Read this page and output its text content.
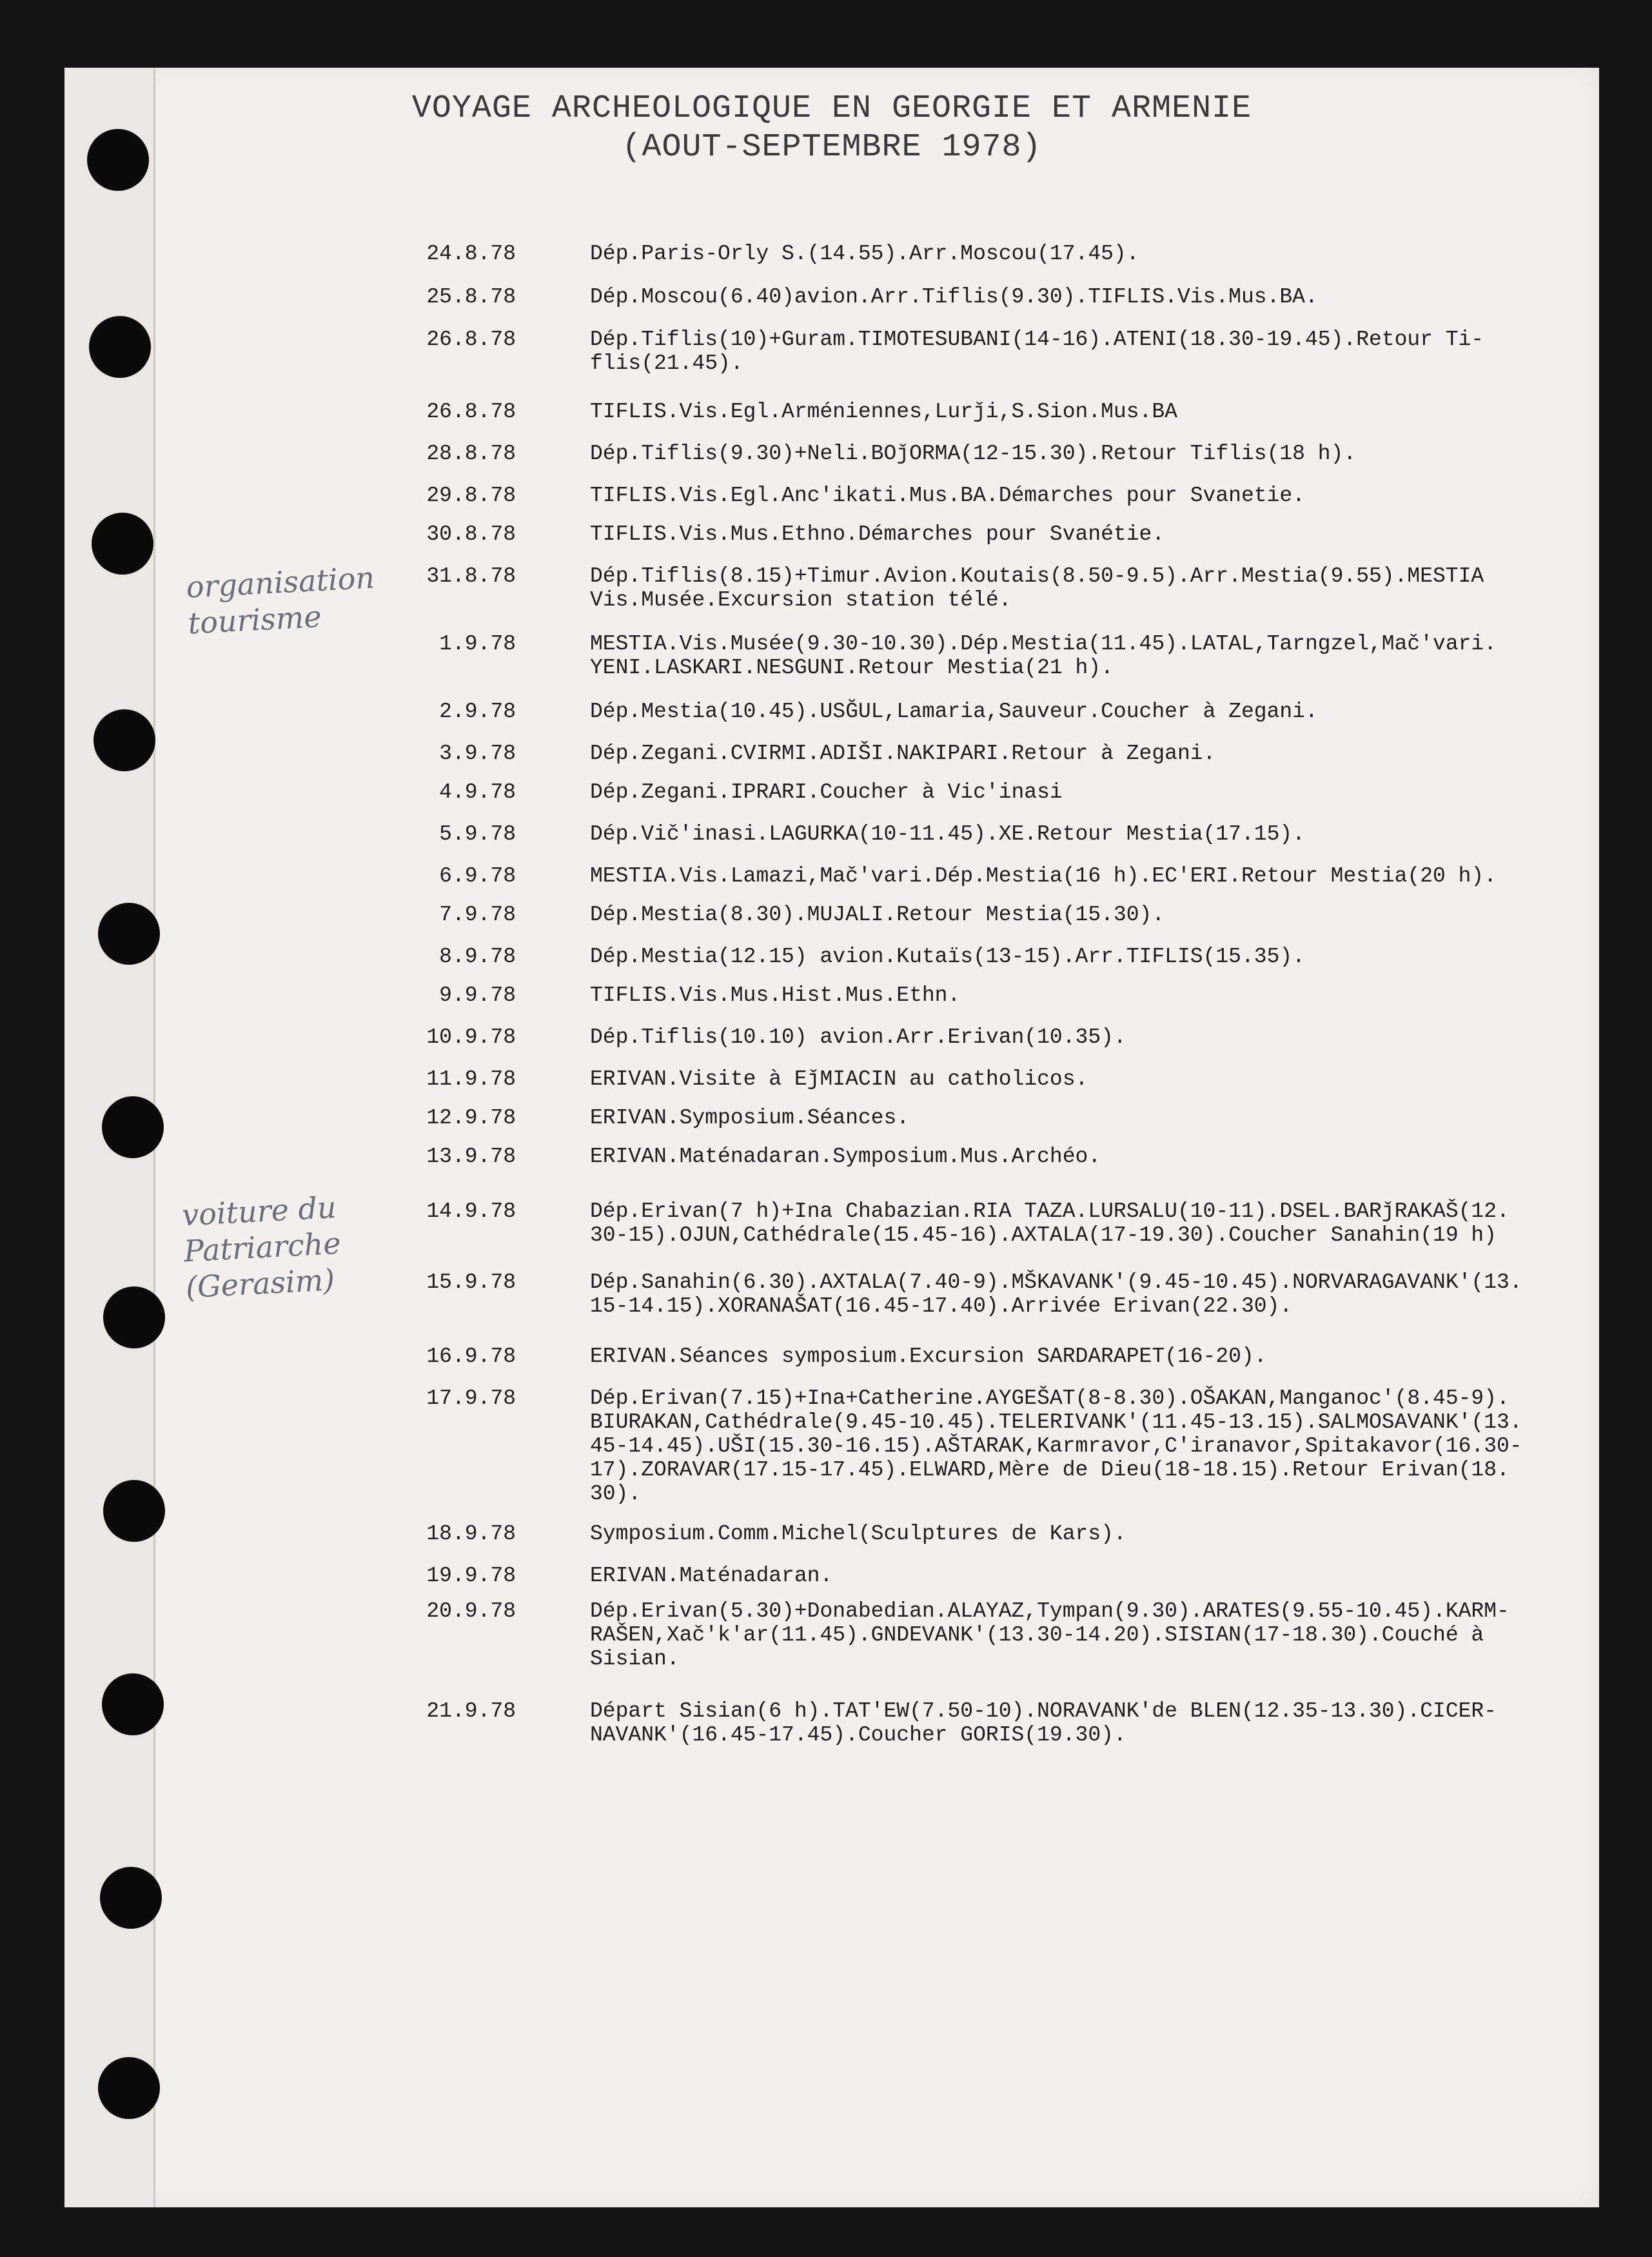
VOYAGE ARCHEOLOGIQUE EN GEORGIE ET ARMENIE
(AOUT-SEPTEMBRE 1978)
24.8.78	Dép.Paris-Orly S.(14.55).Arr.Moscou(17.45).
25.8.78	Dép.Moscou(6.40)avion.Arr.Tiflis(9.30).TIFLIS.Vis.Mus.BA.
26.8.78	Dép.Tiflis(10)+Guram.TIMOTESUBANI(14-16).ATENI(18.30-19.45).Retour Ti-
flis(21.45).
26.8.78	TIFLIS.Vis.Egl.Arméniennes,Lurǰi,S.Sion.Mus.BA
28.8.78	Dép.Tiflis(9.30)+Neli.BOǰORMA(12-15.30).Retour Tiflis(18 h).
29.8.78	TIFLIS.Vis.Egl.Anc'ikati.Mus.BA.Démarches pour Svanetie.
30.8.78	TIFLIS.Vis.Mus.Ethno.Démarches pour Svanétie.
31.8.78	Dép.Tiflis(8.15)+Timur.Avion.Koutais(8.50-9.5).Arr.Mestia(9.55).MESTIA
Vis.Musée.Excursion station télé.
1.9.78	MESTIA.Vis.Musée(9.30-10.30).Dép.Mestia(11.45).LATAL,Tarngzel,Mač'vari.
YENI.LASKARI.NESGUNI.Retour Mestia(21 h).
2.9.78	Dép.Mestia(10.45).USĞUL,Lamaria,Sauveur.Coucher à Zegani.
3.9.78	Dép.Zegani.CVIRMI.ADIŠI.NAKIPARI.Retour à Zegani.
4.9.78	Dép.Zegani.IPRARI.Coucher à Vic'inasi
5.9.78	Dép.Vič'inasi.LAGURKA(10-11.45).XE.Retour Mestia(17.15).
6.9.78	MESTIA.Vis.Lamazi,Mač'vari.Dép.Mestia(16 h).EC'ERI.Retour Mestia(20 h).
7.9.78	Dép.Mestia(8.30).MUJALI.Retour Mestia(15.30).
8.9.78	Dép.Mestia(12.15) avion.Kutaïs(13-15).Arr.TIFLIS(15.35).
9.9.78	TIFLIS.Vis.Mus.Hist.Mus.Ethn.
10.9.78	Dép.Tiflis(10.10) avion.Arr.Erivan(10.35).
11.9.78	ERIVAN.Visite à EǰMIACIN au catholicos.
12.9.78	ERIVAN.Symposium.Séances.
13.9.78	ERIVAN.Maténadaran.Symposium.Mus.Archéo.
14.9.78	Dép.Erivan(7 h)+Ina Chabazian.RIA TAZA.LURSALU(10-11).DSEL.BARǰRAKAŠ(12.
30-15).OJUN,Cathédrale(15.45-16).AXTALA(17-19.30).Coucher Sanahin(19 h)
15.9.78	Dép.Sanahin(6.30).AXTALA(7.40-9).MŠKAVANK'(9.45-10.45).NORVARAGAVANK'(13.
15-14.15).XORANAŠAT(16.45-17.40).Arrivée Erivan(22.30).
16.9.78	ERIVAN.Séances symposium.Excursion SARDARAPET(16-20).
17.9.78	Dép.Erivan(7.15)+Ina+Catherine.AYGEŠAT(8-8.30).OŠAKAN,Manganoc'(8.45-9).
BIURAKAN,Cathédrale(9.45-10.45).TELERIVANK'(11.45-13.15).SALMOSAVANK'(13.
45-14.45).UŠI(15.30-16.15).AŠTARAK,Karmravor,C'iranavor,Spitakavor(16.30-
17).ZORAVAR(17.15-17.45).ELWARD,Mère de Dieu(18-18.15).Retour Erivan(18.
30).
18.9.78	Symposium.Comm.Michel(Sculptures de Kars).
19.9.78	ERIVAN.Maténadaran.
20.9.78	Dép.Erivan(5.30)+Donabedian.ALAYAZ,Tympan(9.30).ARATES(9.55-10.45).KARM-
RAŠEN,Xač'k'ar(11.45).GNDEVANK'(13.30-14.20).SISIAN(17-18.30).Couché à
Sisian.
21.9.78	Départ Sisian(6 h).TAT'EW(7.50-10).NORAVANK'de BLEN(12.35-13.30).CICER-
NAVANK'(16.45-17.45).Coucher GORIS(19.30).
organisation
tourisme
voiture du
Patriarche
(Gerasim)
